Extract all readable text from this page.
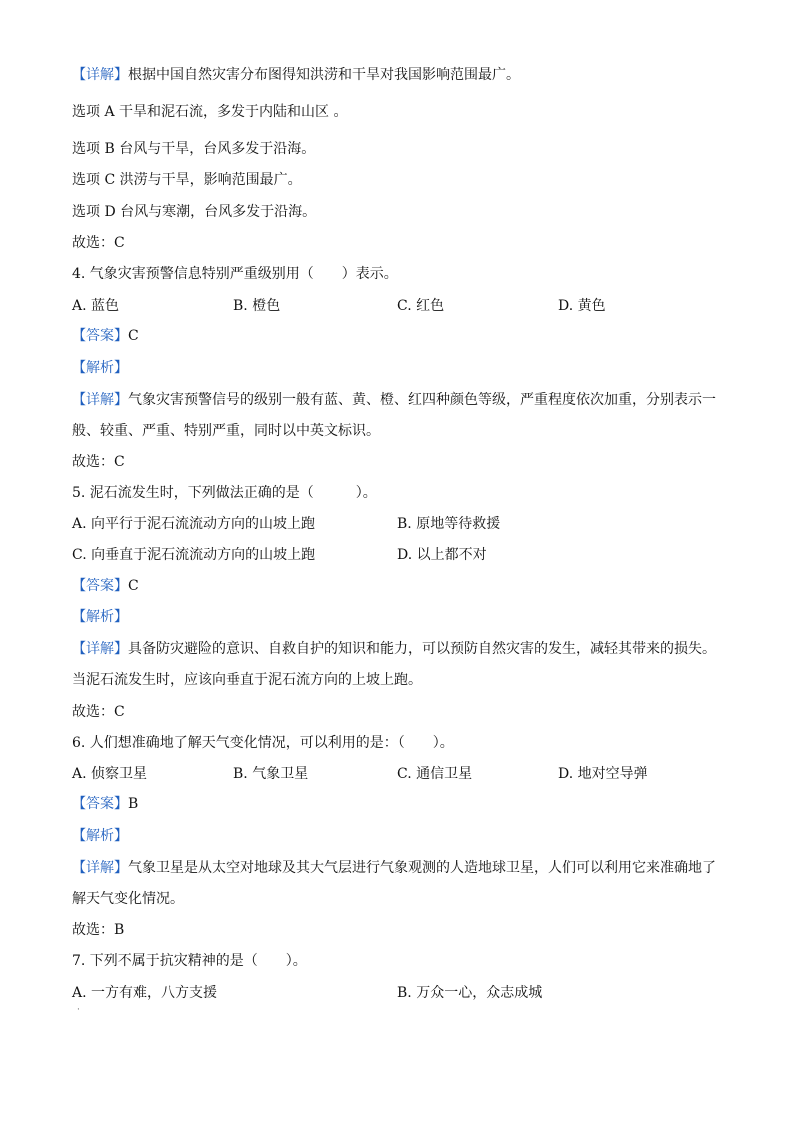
【详解】根据中国自然灾害分布图得知洪涝和干旱对我国影响范围最广。
选项 A 干旱和泥石流，多发于内陆和山区 。
选项 B 台风与干旱，台风多发于沿海。
选项 C 洪涝与干旱，影响范围最广。
选项 D 台风与寒潮，台风多发于沿海。
故选：C
4. 气象灾害预警信息特别严重级别用（　　）表示。
A. 蓝色	B. 橙色	C. 红色	D. 黄色
【答案】C
【解析】
【详解】气象灾害预警信号的级别一般有蓝、黄、橙、红四种颜色等级，严重程度依次加重，分别表示一
般、较重、严重、特别严重，同时以中英文标识。
故选：C
5. 泥石流发生时，下列做法正确的是（　　　）。
A. 向平行于泥石流流动方向的山坡上跑	B. 原地等待救援
C. 向垂直于泥石流流动方向的山坡上跑	D. 以上都不对
【答案】C
【解析】
【详解】具备防灾避险的意识、自救自护的知识和能力，可以预防自然灾害的发生，减轻其带来的损失。
当泥石流发生时，应该向垂直于泥石流方向的上坡上跑。
故选：C
6. 人们想准确地了解天气变化情况，可以利用的是：（　　）。
A. 侦察卫星	B. 气象卫星	C. 通信卫星	D. 地对空导弹
【答案】B
【解析】
【详解】气象卫星是从太空对地球及其大气层进行气象观测的人造地球卫星，人们可以利用它来准确地了
解天气变化情况。
故选：B
7. 下列不属于抗灾精神的是（　　）。
A. 一方有难，八方支援	B. 万众一心，众志成城
·
